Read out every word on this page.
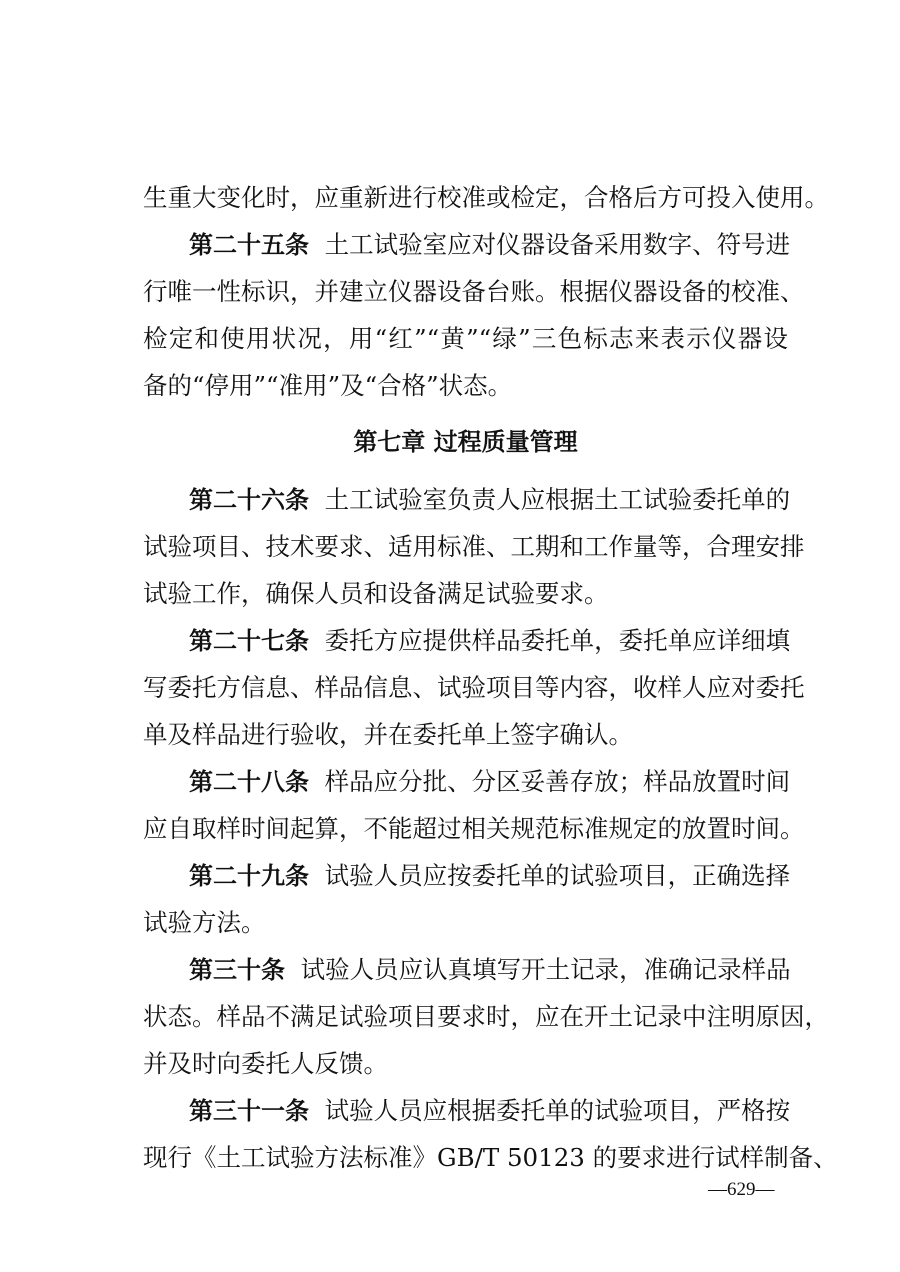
生重大变化时，应重新进行校准或检定，合格后方可投入使用。
第二十五条 土工试验室应对仪器设备采用数字、符号进
行唯一性标识，并建立仪器设备台账。根据仪器设备的校准、
检定和使用状况，用“红”“黄”“绿”三色标志来表示仪器设
备的“停用”“准用”及“合格”状态。
第七章 过程质量管理
第二十六条 土工试验室负责人应根据土工试验委托单的
试验项目、技术要求、适用标准、工期和工作量等，合理安排
试验工作，确保人员和设备满足试验要求。
第二十七条 委托方应提供样品委托单，委托单应详细填
写委托方信息、样品信息、试验项目等内容，收样人应对委托
单及样品进行验收，并在委托单上签字确认。
第二十八条 样品应分批、分区妥善存放；样品放置时间
应自取样时间起算，不能超过相关规范标准规定的放置时间。
第二十九条 试验人员应按委托单的试验项目，正确选择
试验方法。
第三十条 试验人员应认真填写开土记录，准确记录样品
状态。样品不满足试验项目要求时，应在开土记录中注明原因，
并及时向委托人反馈。
第三十一条 试验人员应根据委托单的试验项目，严格按
现行《土工试验方法标准》GB/T 50123 的要求进行试样制备、
—629—
